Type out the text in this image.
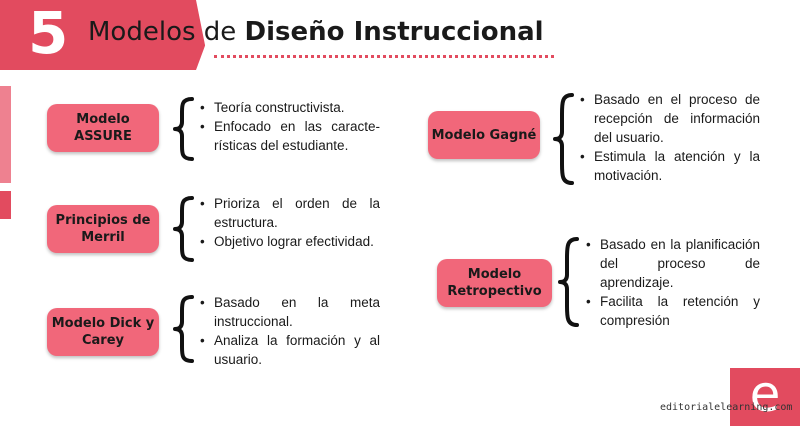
5 Modelos de Diseño Instruccional
Modelo ASSURE
• Teoría constructivista.
• Enfocado en las características del estudiante.
Principios de Merril
• Prioriza el orden de la estructura.
• Objetivo lograr efectividad.
Modelo Dick y Carey
• Basado en la meta instruccional.
• Analiza la formación y al usuario.
Modelo Gagné
• Basado en el proceso de recepción de información del usuario.
• Estimula la atención y la motivación.
Modelo Retropectivo
• Basado en la planificación del proceso de aprendizaje.
• Facilita la retención y compresión
e
editorialelearning.com
